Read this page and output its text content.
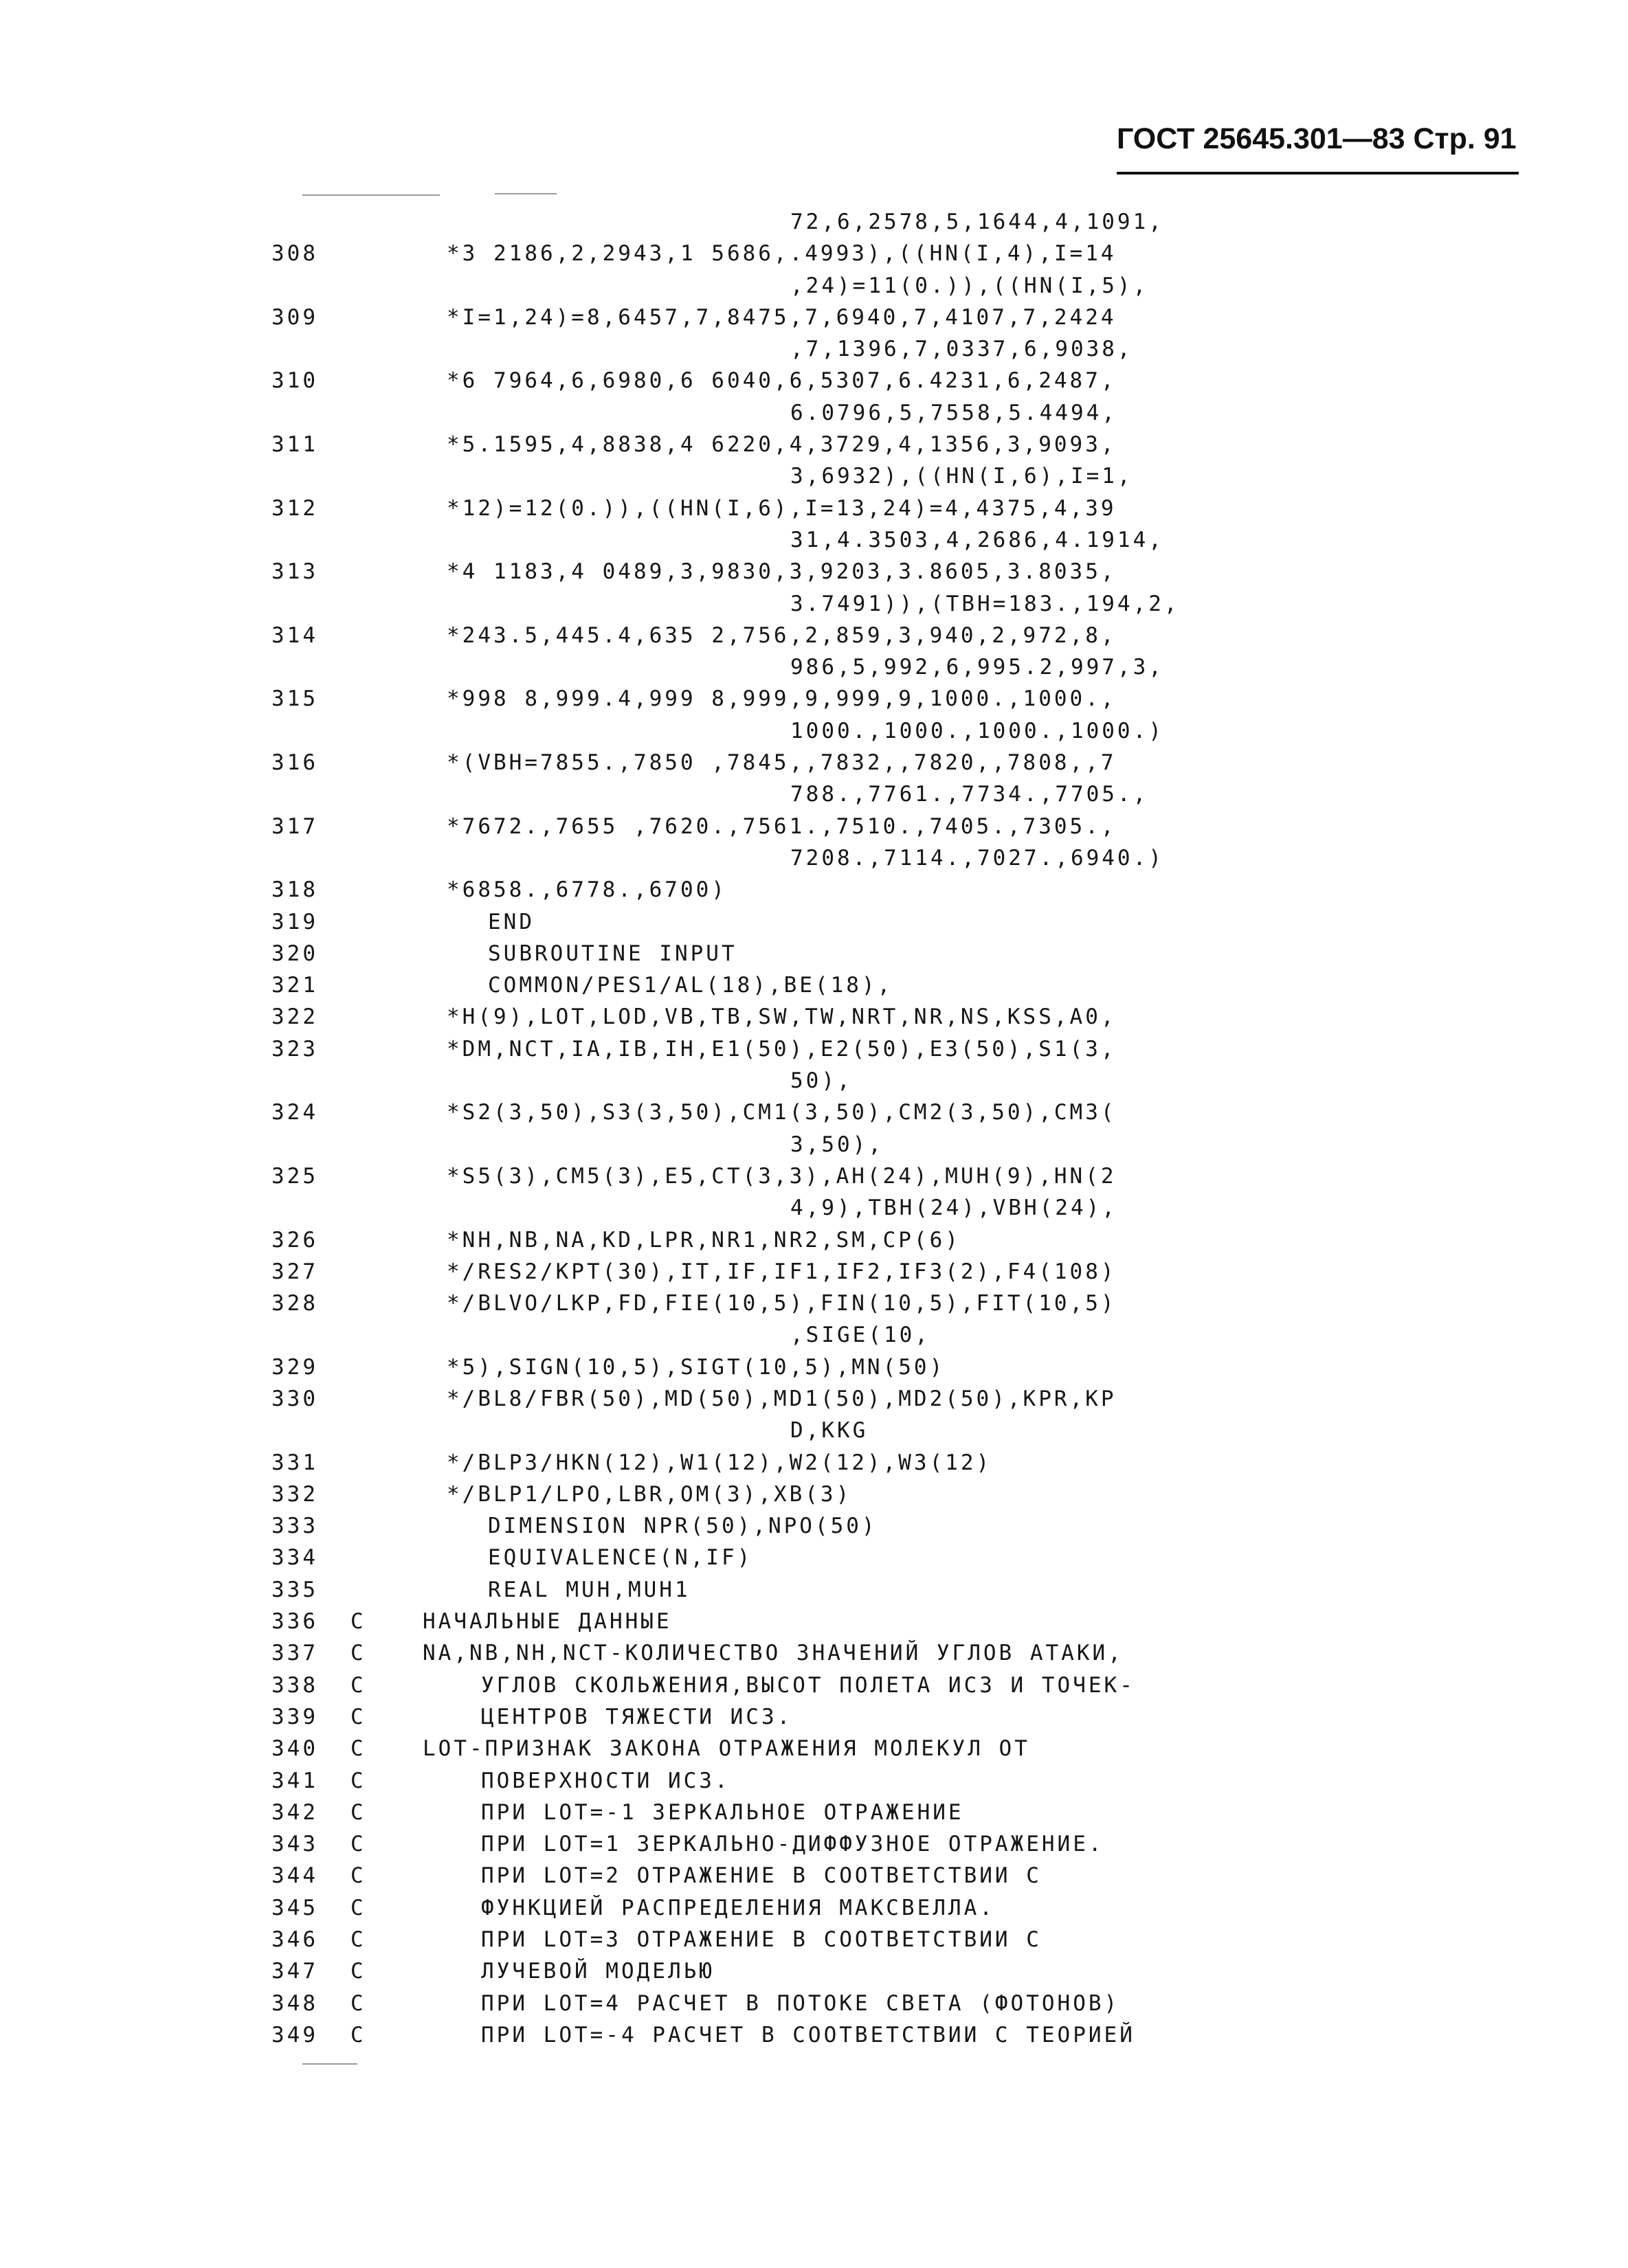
ГОСТ 25645.301—83 Стр. 91
72,6,2578,5,1644,4,1091,
308	*3 2186,2,2943,1 5686,.4993),((HN(I,4),I=14
,24)=11(0.)),((HN(I,5),
309	*I=1,24)=8,6457,7,8475,7,6940,7,4107,7,2424
,7,1396,7,0337,6,9038,
310	*6 7964,6,6980,6 6040,6,5307,6.4231,6,2487,
6.0796,5,7558,5.4494,
311	*5.1595,4,8838,4 6220,4,3729,4,1356,3,9093,
3,6932),((HN(I,6),I=1,
312	*12)=12(0.)),((HN(I,6),I=13,24)=4,4375,4,39
31,4.3503,4,2686,4.1914,
313	*4 1183,4 0489,3,9830,3,9203,3.8605,3.8035,
3.7491)),(TBH=183.,194,2,
314	*243.5,445.4,635 2,756,2,859,3,940,2,972,8,
986,5,992,6,995.2,997,3,
315	*998 8,999.4,999 8,999,9,999,9,1000.,1000.,
1000.,1000.,1000.,1000.)
316	*(VBH=7855.,7850 ,7845,,7832,,7820,,7808,,7
788.,7761.,7734.,7705.,
317	*7672.,7655 ,7620.,7561.,7510.,7405.,7305.,
7208.,7114.,7027.,6940.)
318	*6858.,6778.,6700)
319	END
320	SUBROUTINE INPUT
321	COMMON/PES1/AL(18),BE(18),
322	*H(9),LOT,LOD,VB,TB,SW,TW,NRT,NR,NS,KSS,A0,
323	*DM,NCT,IA,IB,IH,E1(50),E2(50),E3(50),S1(3,
50),
324	*S2(3,50),S3(3,50),CM1(3,50),CM2(3,50),CM3(
3,50),
325	*S5(3),CM5(3),E5,CT(3,3),AH(24),MUH(9),HN(2
4,9),TBH(24),VBH(24),
326	*NH,NB,NA,KD,LPR,NR1,NR2,SM,CP(6)
327	*/RES2/KPT(30),IT,IF,IF1,IF2,IF3(2),F4(108)
328	*/BLVO/LKP,FD,FIE(10,5),FIN(10,5),FIT(10,5)
,SIGE(10,
329	*5),SIGN(10,5),SIGT(10,5),MN(50)
330	*/BL8/FBR(50),MD(50),MD1(50),MD2(50),KPR,KP
D,KKG
331	*/BLP3/HKN(12),W1(12),W2(12),W3(12)
332	*/BLP1/LPO,LBR,OM(3),XB(3)
333	DIMENSION NPR(50),NPO(50)
334	EQUIVALENCE(N,IF)
335	REAL MUH,MUH1
336	C	НАЧАЛЬНЫЕ ДАННЫЕ
337	C	NA,NB,NH,NCT-КОЛИЧЕСТВО ЗНАЧЕНИЙ УГЛОВ АТАКИ,
338	C	УГЛОВ СКОЛЬЖЕНИЯ,ВЫСОТ ПОЛЕТА ИСЗ И ТОЧЕК-
339	C	ЦЕНТРОВ ТЯЖЕСТИ ИСЗ.
340	C	LOT-ПРИЗНАК ЗАКОНА ОТРАЖЕНИЯ МОЛЕКУЛ ОТ
341	C	ПОВЕРХНОСТИ ИСЗ.
342	C	ПРИ LOT=-1 ЗЕРКАЛЬНОЕ ОТРАЖЕНИЕ
343	C	ПРИ LOT=1 ЗЕРКАЛЬНО-ДИФФУЗНОЕ ОТРАЖЕНИЕ.
344	C	ПРИ LOT=2 ОТРАЖЕНИЕ В СООТВЕТСТВИИ С
345	C	ФУНКЦИЕЙ РАСПРЕДЕЛЕНИЯ МАКСВЕЛЛА.
346	C	ПРИ LOT=3 ОТРАЖЕНИЕ В СООТВЕТСТВИИ С
347	C	ЛУЧЕВОЙ МОДЕЛЬЮ
348	C	ПРИ LOT=4 РАСЧЕТ В ПОТОКЕ СВЕТА (ФОТОНОВ)
349	C	ПРИ LOT=-4 РАСЧЕТ В СООТВЕТСТВИИ С ТЕОРИЕЙ
